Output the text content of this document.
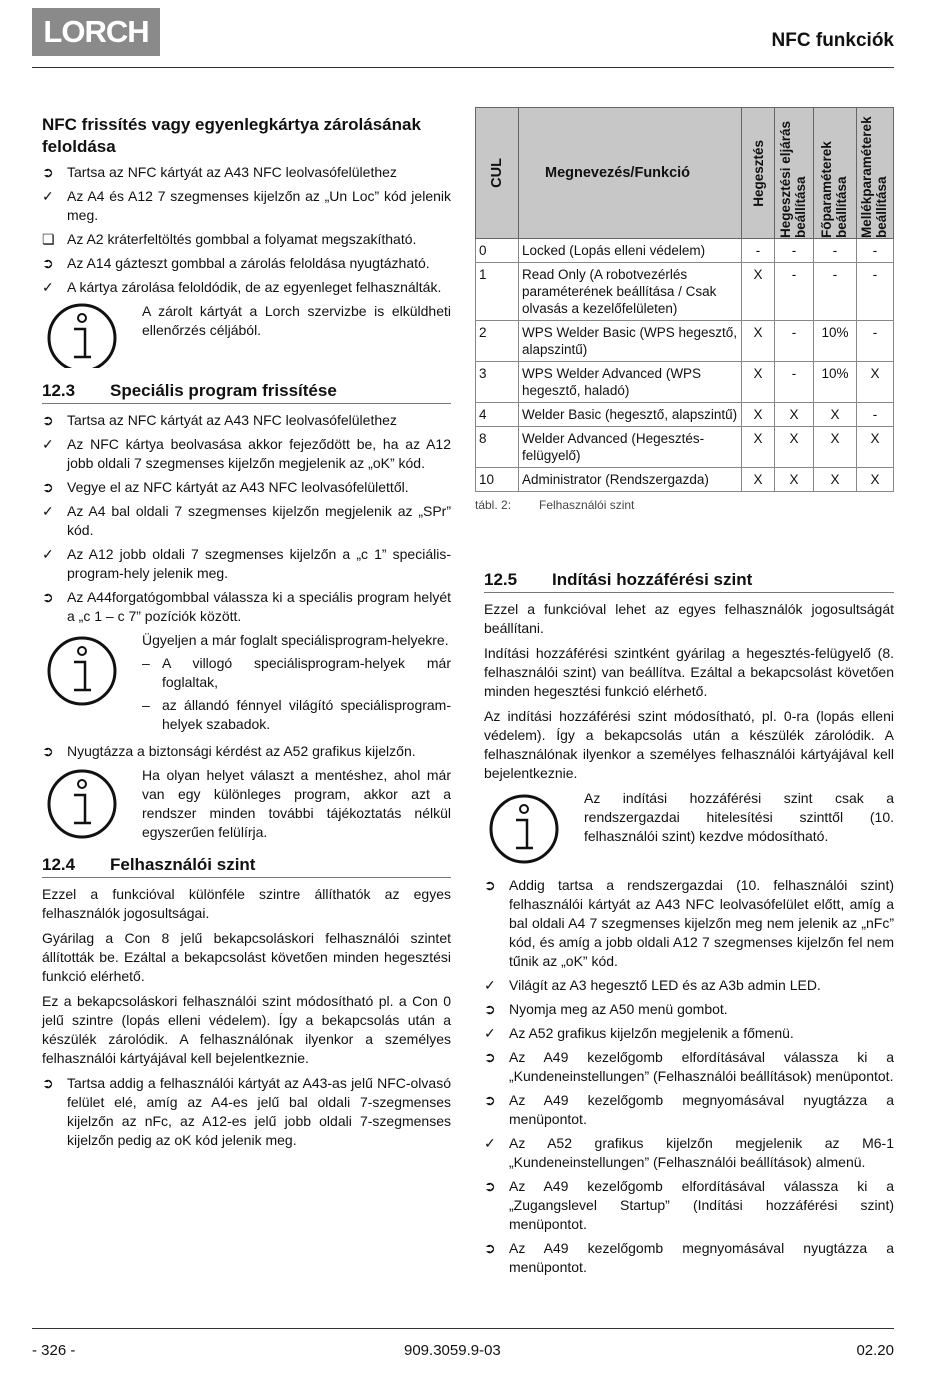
LORCH	NFC funkciók
NFC frissítés vagy egyenlegkártya zárolásának feloldása
➲ Tartsa az NFC kártyát az A43 NFC leolvasófelülethez
✓ Az A4 és A12 7 szegmenses kijelzőn az „Un Loc” kód jelenik meg.
❏ Az A2 kráterfeltöltés gombbal a folyamat megszakítható.
➲ Az A14 gázteszt gombbal a zárolás feloldása nyugtázható.
✓ A kártya zárolása feloldódik, de az egyenleget felhasználták.
A zárolt kártyát a Lorch szervizbe is elküldheti ellenőrzés céljából.
12.3	Speciális program frissítése
➲ Tartsa az NFC kártyát az A43 NFC leolvasófelülethez
✓ Az NFC kártya beolvasása akkor fejeződött be, ha az A12 jobb oldali 7 szegmenses kijelzőn megjelenik az „oK” kód.
➲ Vegye el az NFC kártyát az A43 NFC leolvasófelülettől.
✓ Az A4 bal oldali 7 szegmenses kijelzőn megjelenik az „SPr” kód.
✓ Az A12 jobb oldali 7 szegmenses kijelzőn a „c 1” speciális-program-hely jelenik meg.
➲ Az A44forgatógombbal válassza ki a speciális program helyét a „c 1 – c 7” pozíciók között.
Ügyeljen a már foglalt speciálisprogram-helyekre.
– A villogó speciálisprogram-helyek már foglaltak,
– az állandó fénnyel világító speciálisprogram-helyek szabadok.
➲ Nyugtázza a biztonsági kérdést az A52 grafikus kijelzőn.
Ha olyan helyet választ a mentéshez, ahol már van egy különleges program, akkor azt a rendszer minden további tájékoztatás nélkül egyszerűen felülírja.
12.4	Felhasználói szint

Ezzel a funkcióval különféle szintre állíthatók az egyes felhasználók jogosultságai.

Gyárilag a Con 8 jelű bekapcsoláskori felhasználói szintet állították be. Ezáltal a bekapcsolást követően minden hegesztési funkció elérhető.

Ez a bekapcsoláskori felhasználói szint módosítható pl. a Con 0 jelű szintre (lopás elleni védelem). Így a bekapcsolás után a készülék zárolódik. A felhasználónak ilyenkor a személyes felhasználói kártyájával kell bejelentkeznie.

➲ Tartsa addig a felhasználói kártyát az A43-as jelű NFC-olvasó felület elé, amíg az A4-es jelű bal oldali 7-szegmenses kijelzőn az nFc, az A12-es jelű jobb oldali 7-szegmenses kijelzőn pedig az oK kód jelenik meg.
CUL	Megnevezés/Funkció	Hegesztés	Hegesztési eljárás beállítása	Főparaméterek beállítása	Mellékparaméterek beállítása

0	Locked (Lopás elleni védelem)	-	-	-	-
1	Read Only (A robotvezérlés paraméterének beállítása / Csak olvasás a kezelőfelületen)	X	-	-	-
2	WPS Welder Basic (WPS hegesztő, alapszintű)	X	-	10%	-
3	WPS Welder Advanced (WPS hegesztő, haladó)	X	-	10%	X
4	Welder Basic (hegesztő, alapszintű)	X	X	X	-
8	Welder Advanced (Hegesztés-felügyelő)	X	X	X	X
10	Administrator (Rendszergazda)	X	X	X	X
tábl. 2:	Felhasználói szint
12.5	Indítási hozzáférési szint

Ezzel a funkcióval lehet az egyes felhasználók jogosultságát beállítani.

Indítási hozzáférési szintként gyárilag a hegesztés-felügyelő (8. felhasználói szint) van beállítva. Ezáltal a bekapcsolást követően minden hegesztési funkció elérhető.

Az indítási hozzáférési szint módosítható, pl. 0-ra (lopás elleni védelem). Így a bekapcsolás után a készülék zárolódik. A felhasználónak ilyenkor a személyes felhasználói kártyájával kell bejelentkeznie.

Az indítási hozzáférési szint csak a rendszergazdai hitelesítési szinttől (10. felhasználói szint) kezdve módosítható.
➲ Addig tartsa a rendszergazdai (10. felhasználói szint) felhasználói kártyát az A43 NFC leolvasófelület előtt, amíg a bal oldali A4 7 szegmenses kijelzőn meg nem jelenik az „nFc” kód, és amíg a jobb oldali A12 7 szegmenses kijelzőn fel nem tűnik az „oK” kód.
✓ Világít az A3 hegesztő LED és az A3b admin LED.
➲ Nyomja meg az A50 menü gombot.
✓ Az A52 grafikus kijelzőn megjelenik a főmenü.
➲ Az A49 kezelőgomb elfordításával válassza ki a „Kundeneinstellungen” (Felhasználói beállítások) menüpontot.
➲ Az A49 kezelőgomb megnyomásával nyugtázza a menüpontot.
✓ Az A52 grafikus kijelzőn megjelenik az M6-1 „Kundeneinstellungen” (Felhasználói beállítások) almenü.
➲ Az A49 kezelőgomb elfordításával válassza ki a „Zugangslevel Startup” (Indítási hozzáférési szint) menüpontot.
➲ Az A49 kezelőgomb megnyomásával nyugtázza a menüpontot.
- 326 -	909.3059.9-03	02.20
